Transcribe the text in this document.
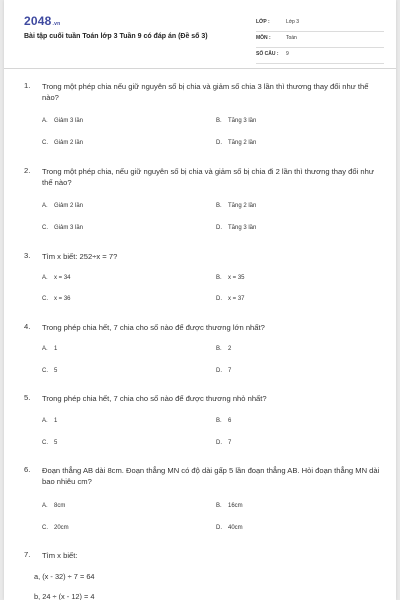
2048.vn
Bài tập cuối tuần Toán lớp 3 Tuần 9 có đáp án (Đề số 3)
LỚP :	Lớp 3
MÔN :	Toán
SỐ CÂU : 9
1.	Trong một phép chia nếu giữ nguyên số bị chia và giảm số chia 3 lần thì thương thay đổi như thế nào?
A. Giảm 3 lần	B. Tăng 3 lần
C. Giảm 2 lần	D. Tăng 2 lần
2.	Trong một phép chia, nếu giữ nguyên số bị chia và giảm số bị chia đi 2 lần thì thương thay đổi như thế nào?
A. Giảm 2 lần	B. Tăng 2 lần
C. Giảm 3 lần	D. Tăng 3 lần
3.	Tìm x biết: 252÷x = 7?
A. x = 34	B. x = 35
C. x = 36	D. x = 37
4.	Trong phép chia hết, 7 chia cho số nào để được thương lớn nhất?
A. 1	B. 2
C. 5	D. 7
5.	Trong phép chia hết, 7 chia cho số nào để được thương nhỏ nhất?
A. 1	B. 6
C. 5	D. 7
6.	Đoạn thẳng AB dài 8cm. Đoạn thẳng MN có độ dài gấp 5 lần đoạn thẳng AB. Hỏi đoạn thẳng MN dài bao nhiêu cm?
A. 8cm	B. 16cm
C. 20cm	D. 40cm
7.	Tìm x biết:
a, (x - 32) ÷ 7 = 64
b, 24 ÷ (x - 12) = 4
